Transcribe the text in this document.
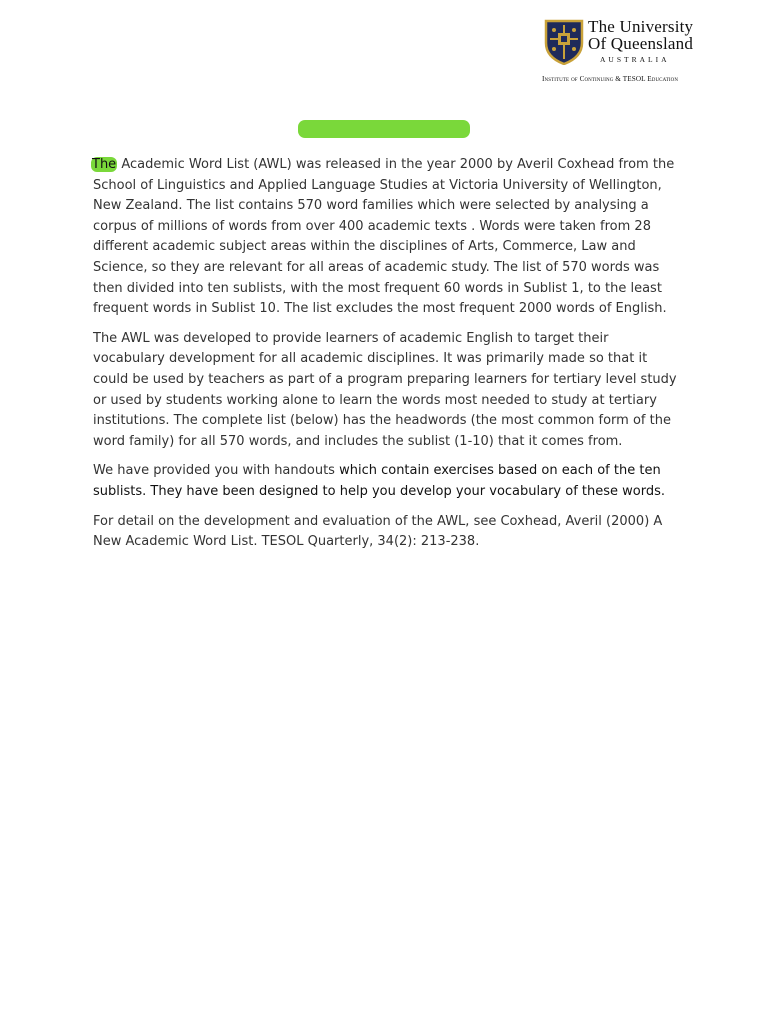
The University
Of Queensland
AUSTRALIA
Institute of Continuing & TESOL Education

The Academic Word List (AWL) was released in the year 2000 by Averil Coxhead from the School of Linguistics and Applied Language Studies at Victoria University of Wellington, New Zealand. The list contains 570 word families which were selected by analysing a corpus of millions of words from over 400 academic texts . Words were taken from 28 different academic subject areas within the disciplines of Arts, Commerce, Law and Science, so they are relevant for all areas of academic study. The list of 570 words was then divided into ten sublists, with the most frequent 60 words in Sublist 1, to the least frequent words in Sublist 10. The list excludes the most frequent 2000 words of English.

The AWL was developed to provide learners of academic English to target their vocabulary development for all academic disciplines. It was primarily made so that it could be used by teachers as part of a program preparing learners for tertiary level study or used by students working alone to learn the words most needed to study at tertiary institutions. The complete list (below) has the headwords (the most common form of the word family) for all 570 words, and includes the sublist (1-10) that it comes from.

We have provided you with handouts which contain exercises based on each of the ten sublists. They have been designed to help you develop your vocabulary of these words.

For detail on the development and evaluation of the AWL, see Coxhead, Averil (2000) A New Academic Word List. TESOL Quarterly, 34(2): 213-238.
